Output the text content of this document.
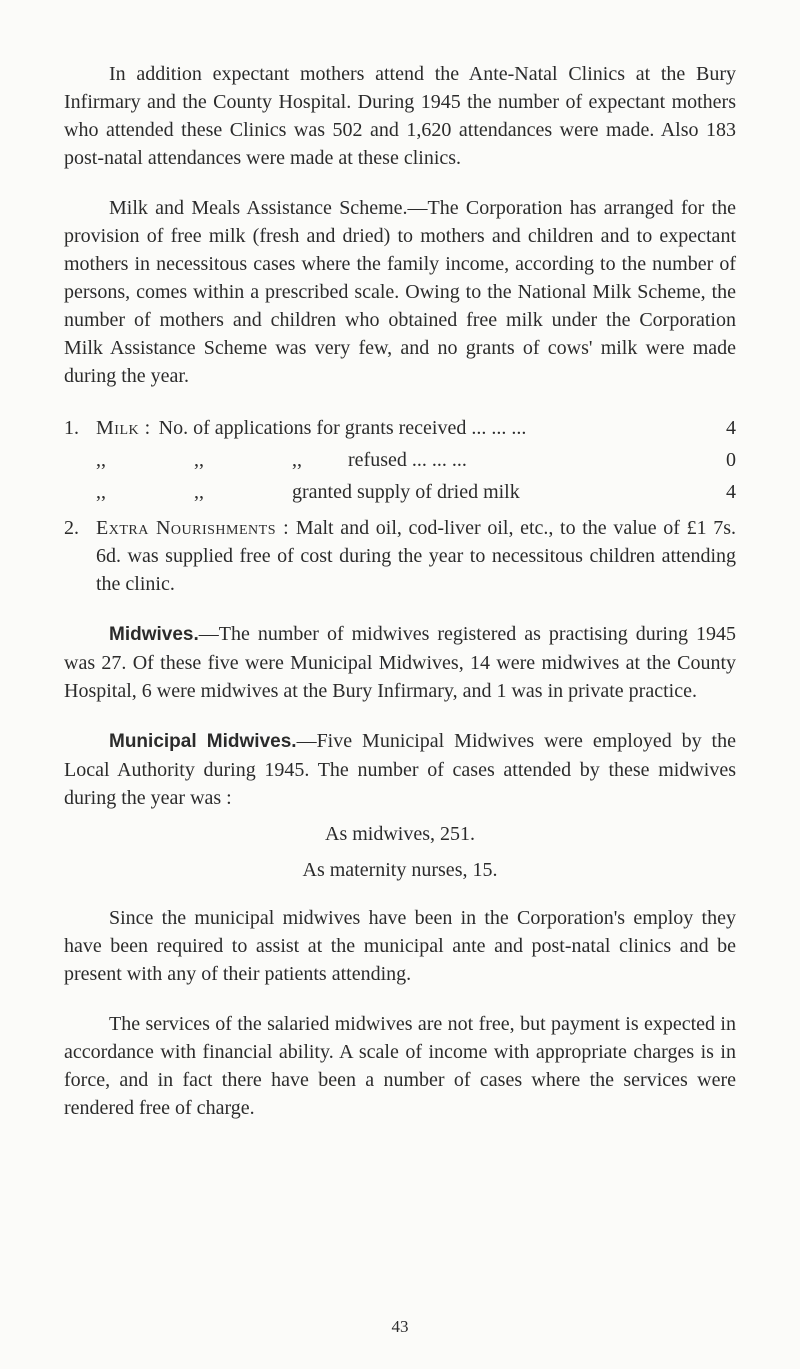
In addition expectant mothers attend the Ante-Natal Clinics at the Bury Infirmary and the County Hospital. During 1945 the number of expectant mothers who attended these Clinics was 502 and 1,620 attendances were made. Also 183 post-natal attendances were made at these clinics.

Milk and Meals Assistance Scheme.—The Corporation has arranged for the provision of free milk (fresh and dried) to mothers and children and to expectant mothers in necessitous cases where the family income, according to the number of persons, comes within a prescribed scale. Owing to the National Milk Scheme, the number of mothers and children who obtained free milk under the Corporation Milk Assistance Scheme was very few, and no grants of cows' milk were made during the year.

1. Milk : No. of applications for grants received ... ... ...	4
,,	,,	,,	refused ... ... ...	0
,,	,,	granted supply of dried milk	4
2. Extra Nourishments : Malt and oil, cod-liver oil, etc., to the value of £1 7s. 6d. was supplied free of cost during the year to necessitous children attending the clinic.

Midwives.—The number of midwives registered as practising during 1945 was 27. Of these five were Municipal Midwives, 14 were midwives at the County Hospital, 6 were midwives at the Bury Infirmary, and 1 was in private practice.

Municipal Midwives.—Five Municipal Midwives were employed by the Local Authority during 1945. The number of cases attended by these midwives during the year was :

As midwives, 251.
As maternity nurses, 15.

Since the municipal midwives have been in the Corporation's employ they have been required to assist at the municipal ante and post-natal clinics and be present with any of their patients attending.

The services of the salaried midwives are not free, but payment is expected in accordance with financial ability. A scale of income with appropriate charges is in force, and in fact there have been a number of cases where the services were rendered free of charge.

43
